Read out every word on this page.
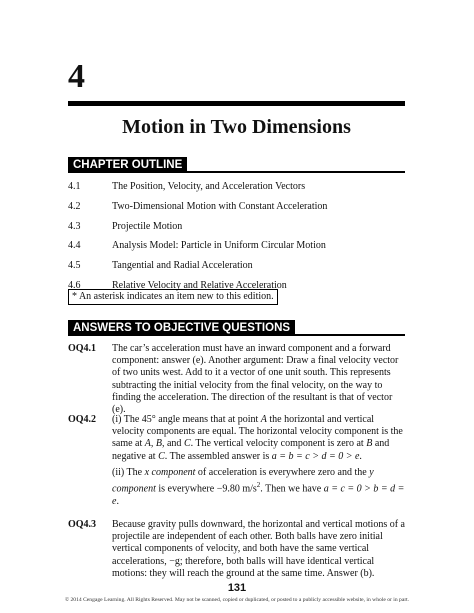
4
Motion in Two Dimensions
CHAPTER OUTLINE
4.1	The Position, Velocity, and Acceleration Vectors
4.2	Two-Dimensional Motion with Constant Acceleration
4.3	Projectile Motion
4.4	Analysis Model: Particle in Uniform Circular Motion
4.5	Tangential and Radial Acceleration
4.6	Relative Velocity and Relative Acceleration
* An asterisk indicates an item new to this edition.
ANSWERS TO OBJECTIVE QUESTIONS
OQ4.1 The car’s acceleration must have an inward component and a forward component: answer (e). Another argument: Draw a final velocity vector of two units west. Add to it a vector of one unit south. This represents subtracting the initial velocity from the final velocity, on the way to finding the acceleration. The direction of the resultant is that of vector (e).

OQ4.2 (i) The 45° angle means that at point A the horizontal and vertical velocity components are equal. The horizontal velocity component is the same at A, B, and C. The vertical velocity component is zero at B and negative at C. The assembled answer is a = b = c > d = 0 > e.

(ii) The x component of acceleration is everywhere zero and the y component is everywhere −9.80 $m/s^2$. Then we have a = c = 0 > b = d = e.

OQ4.3 Because gravity pulls downward, the horizontal and vertical motions of a projectile are independent of each other. Both balls have zero initial vertical components of velocity, and both have the same vertical accelerations, −g; therefore, both balls will have identical vertical motions: they will reach the ground at the same time. Answer (b).

131
© 2014 Cengage Learning. All Rights Reserved. May not be scanned, copied or duplicated, or posted to a publicly accessible website, in whole or in part.
